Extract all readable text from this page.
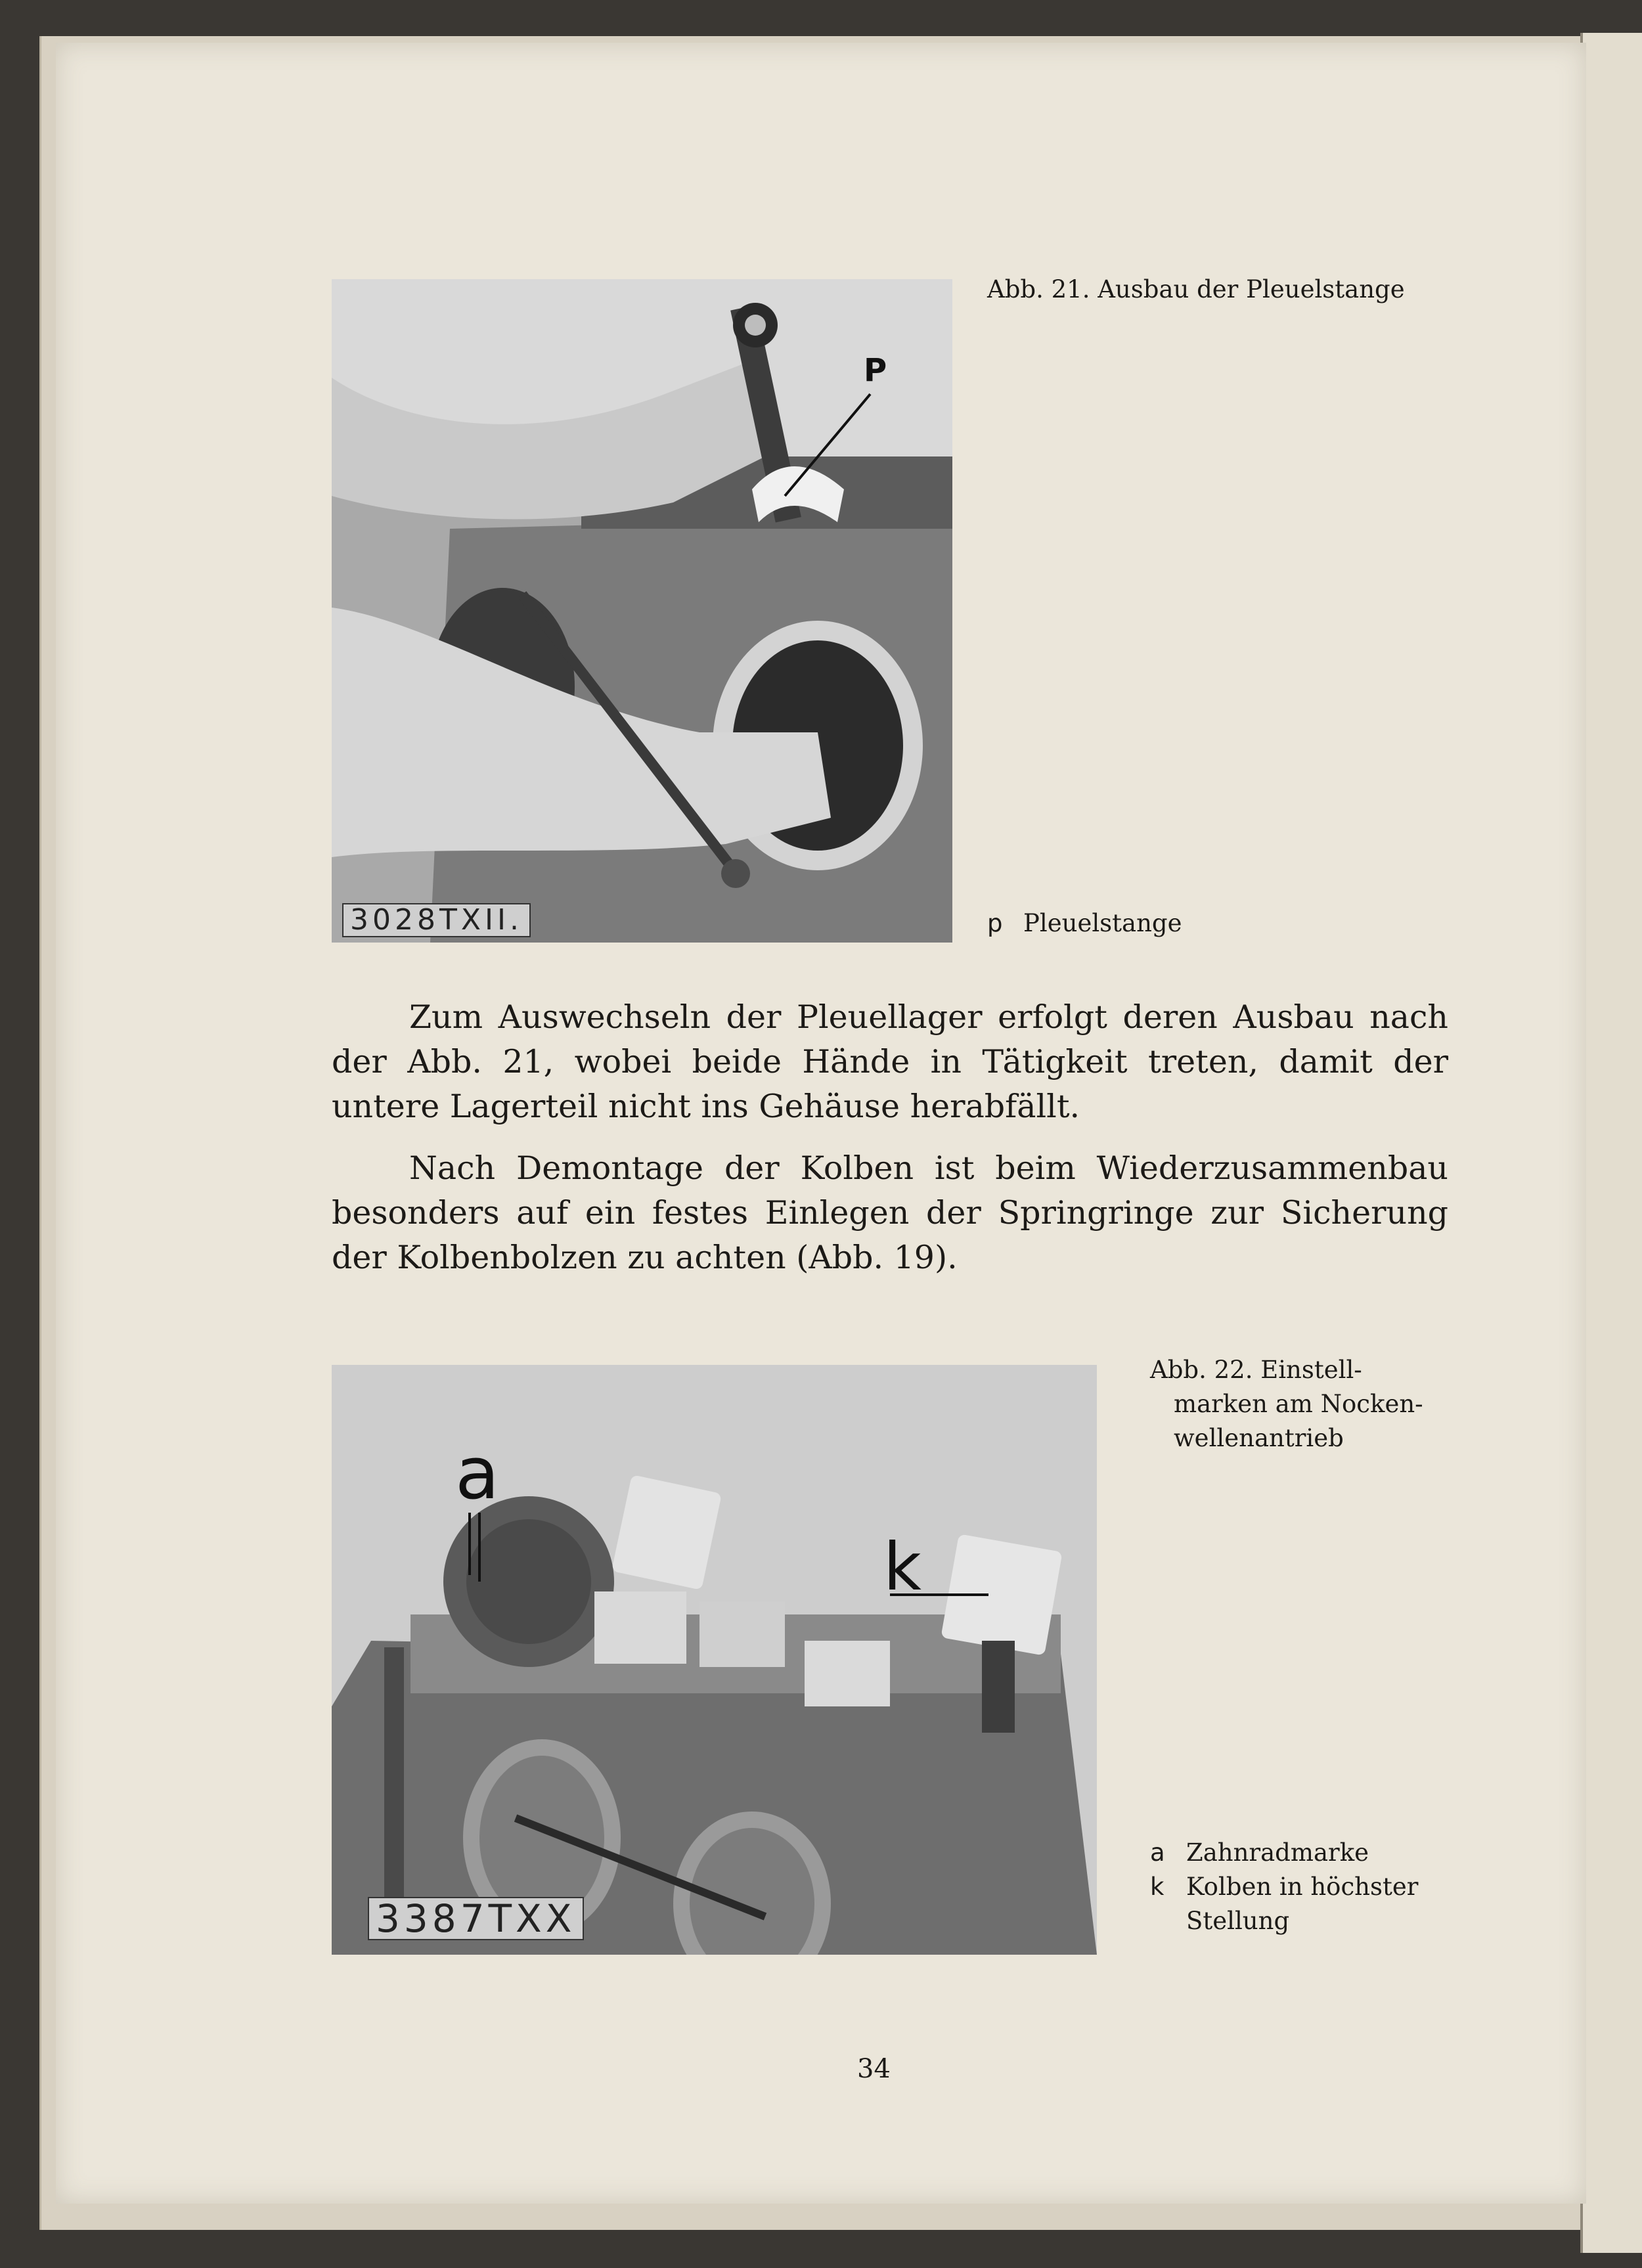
P
3028TXII.
Abb. 21. Ausbau der Pleuelstange
p Pleuelstange

Zum Auswechseln der Pleuellager erfolgt deren Ausbau nach der Abb. 21, wobei beide Hände in Tätigkeit treten, damit der untere Lagerteil nicht ins Gehäuse herabfällt.

Nach Demontage der Kolben ist beim Wiederzusammenbau besonders auf ein festes Einlegen der Springringe zur Sicherung der Kolbenbolzen zu achten (Abb. 19).

a
k
3387TXX
Abb. 22. Einstell-
marken am Nocken-
wellenantrieb
a Zahnradmarke
k Kolben in höchster
Stellung
34
